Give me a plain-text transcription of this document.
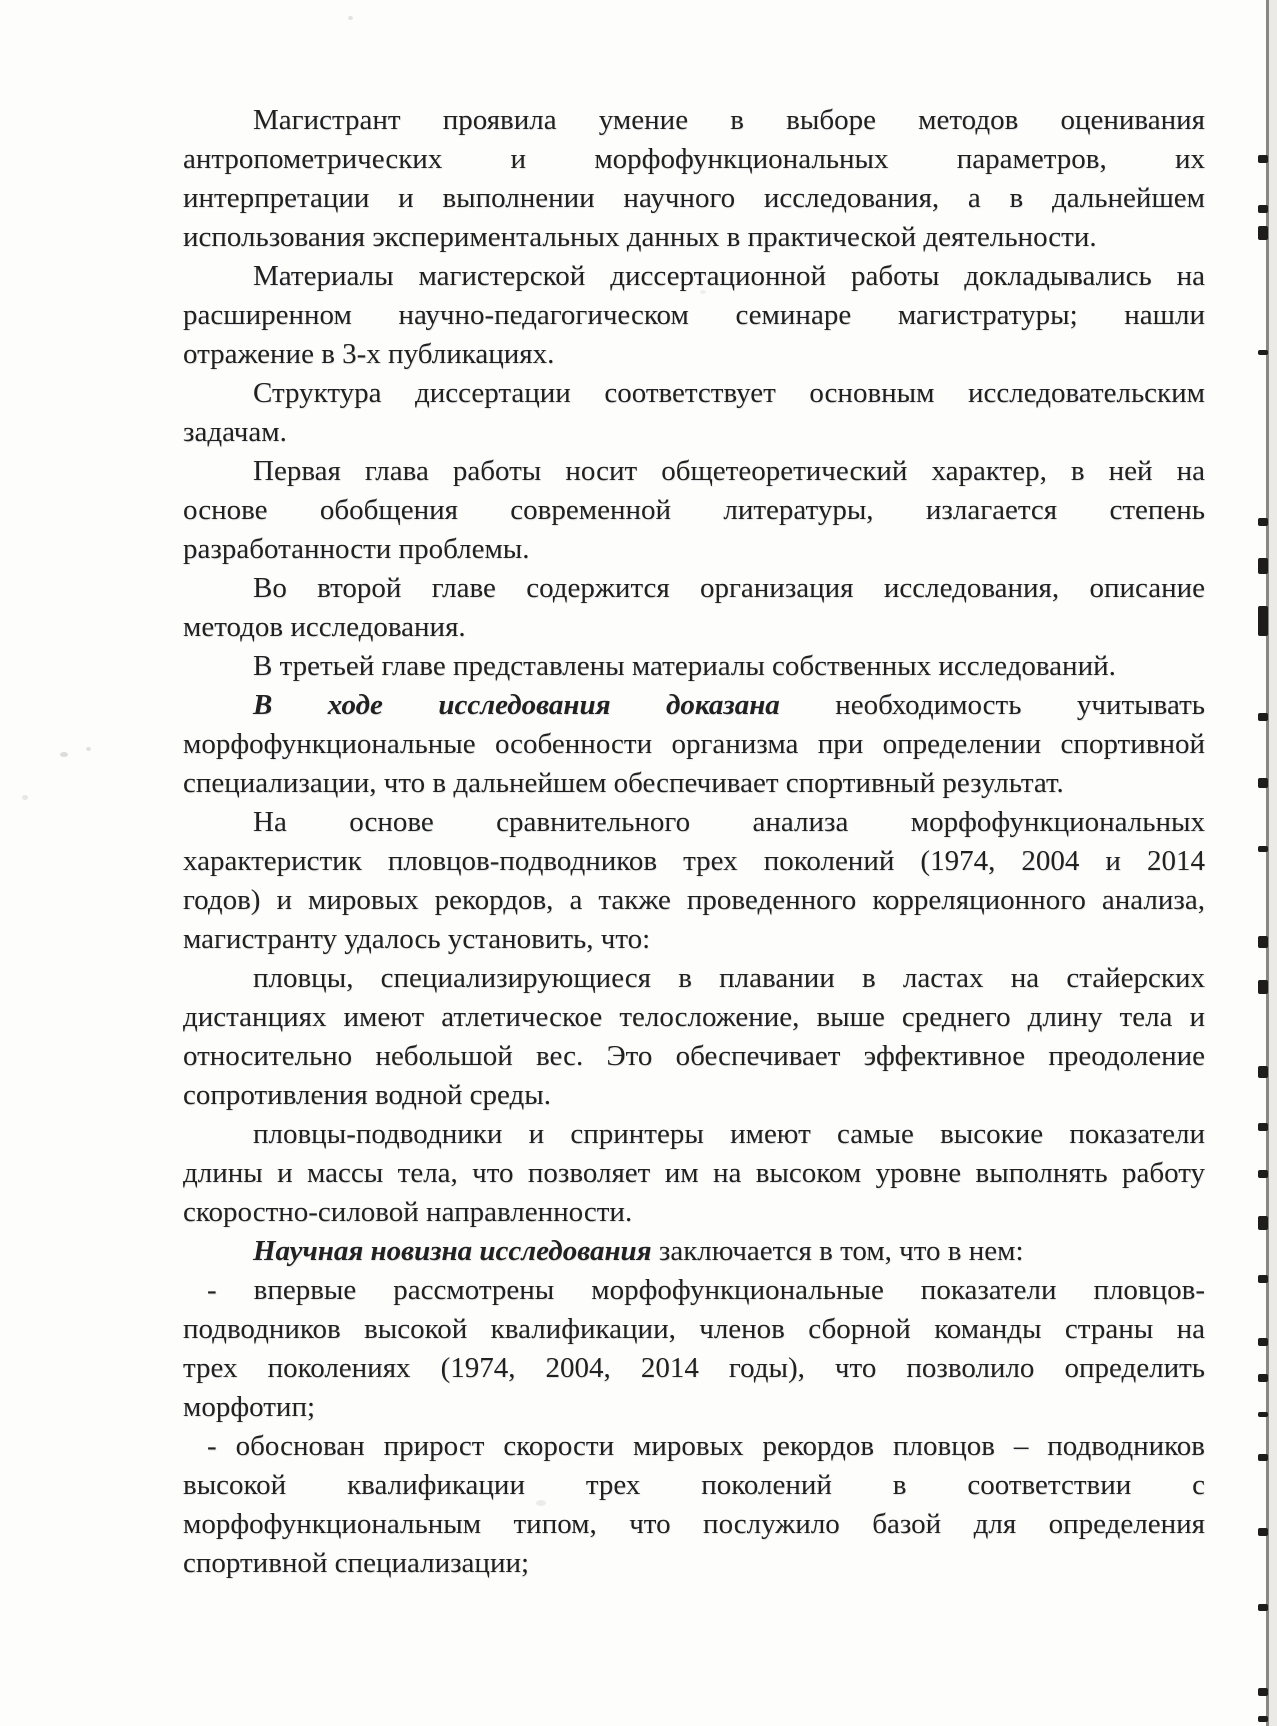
Магистрант проявила умение в выборе методов оценивания
антропометрических и морфофункциональных параметров, их
интерпретации и выполнении научного исследования, а в дальнейшем
использования экспериментальных данных в практической деятельности.
Материалы магистерской диссертационной работы докладывались на
расширенном научно-педагогическом семинаре магистратуры; нашли
отражение в 3-х публикациях.
Структура диссертации соответствует основным исследовательским
задачам.
Первая глава работы носит общетеоретический характер, в ней на
основе обобщения современной литературы, излагается степень
разработанности проблемы.
Во второй главе содержится организация исследования, описание
методов исследования.
В третьей главе представлены материалы собственных исследований.
В ходе исследования доказана необходимость учитывать
морфофункциональные особенности организма при определении спортивной
специализации, что в дальнейшем обеспечивает спортивный результат.
На основе сравнительного анализа морфофункциональных
характеристик пловцов-подводников трех поколений (1974, 2004 и 2014
годов) и мировых рекордов, а также проведенного корреляционного анализа,
магистранту удалось установить, что:
пловцы, специализирующиеся в плавании в ластах на стайерских
дистанциях имеют атлетическое телосложение, выше среднего длину тела и
относительно небольшой вес. Это обеспечивает эффективное преодоление
сопротивления водной среды.
пловцы-подводники и спринтеры имеют самые высокие показатели
длины и массы тела, что позволяет им на высоком уровне выполнять работу
скоростно-силовой направленности.
Научная новизна исследования заключается в том, что в нем:
- впервые рассмотрены морфофункциональные показатели пловцов-
подводников высокой квалификации, членов сборной команды страны на
трех поколениях (1974, 2004, 2014 годы), что позволило определить
морфотип;
- обоснован прирост скорости мировых рекордов пловцов – подводников
высокой квалификации трех поколений в соответствии с
морфофункциональным типом, что послужило базой для определения
спортивной специализации;
